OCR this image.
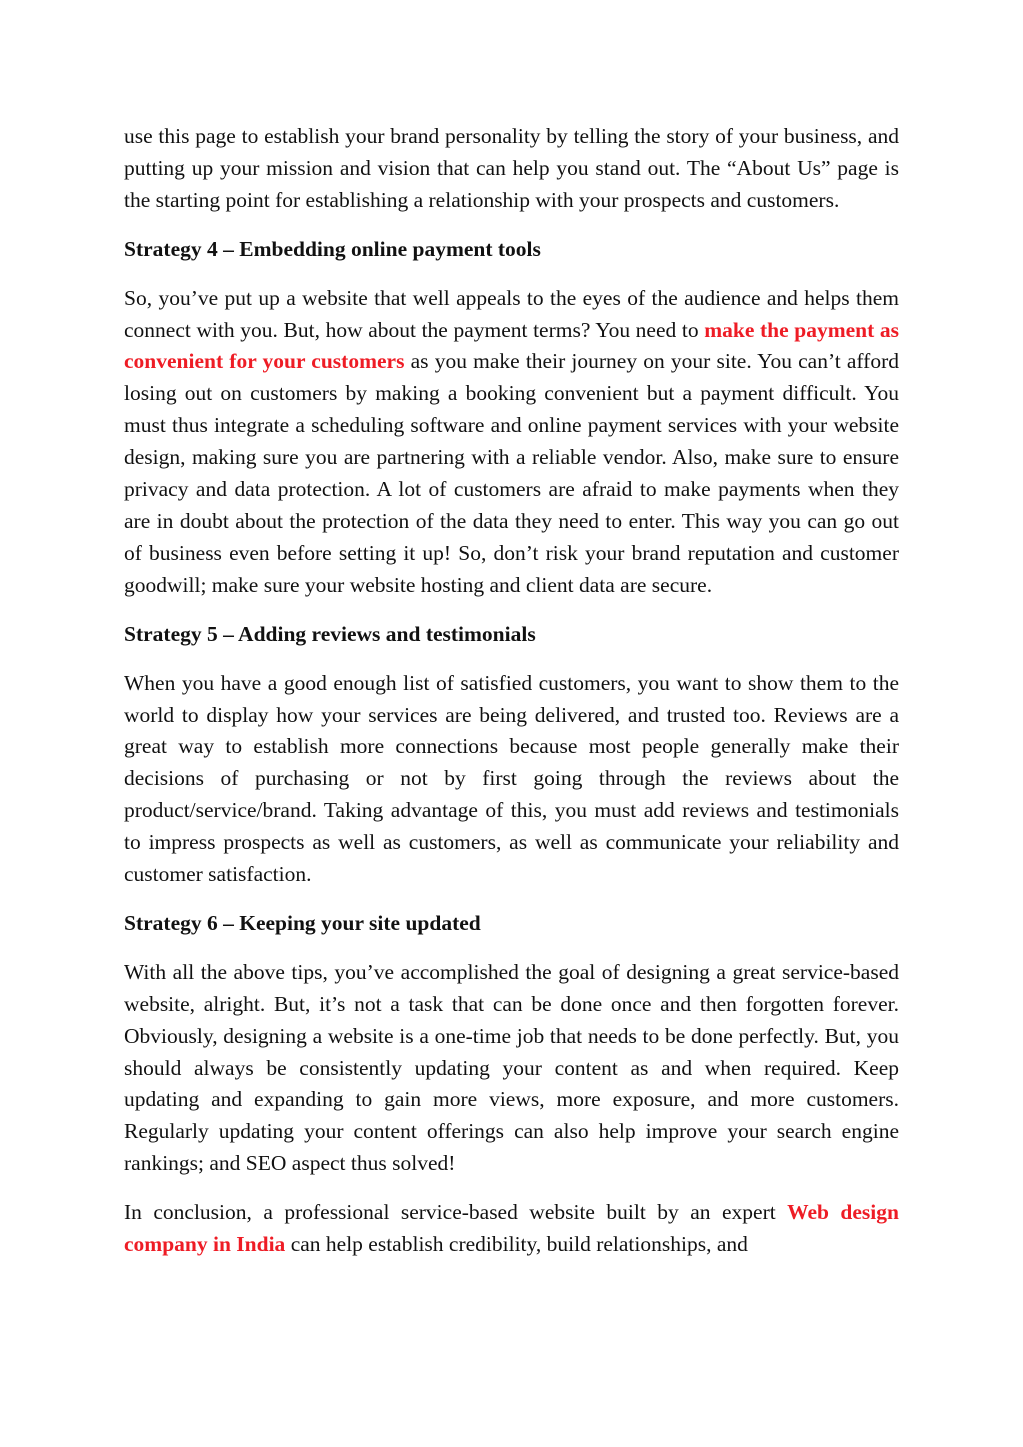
use this page to establish your brand personality by telling the story of your business, and putting up your mission and vision that can help you stand out. The “About Us” page is the starting point for establishing a relationship with your prospects and customers.

Strategy 4 – Embedding online payment tools

So, you’ve put up a website that well appeals to the eyes of the audience and helps them connect with you. But, how about the payment terms? You need to make the payment as convenient for your customers as you make their journey on your site. You can’t afford losing out on customers by making a booking convenient but a payment difficult. You must thus integrate a scheduling software and online payment services with your website design, making sure you are partnering with a reliable vendor. Also, make sure to ensure privacy and data protection. A lot of customers are afraid to make payments when they are in doubt about the protection of the data they need to enter. This way you can go out of business even before setting it up! So, don’t risk your brand reputation and customer goodwill; make sure your website hosting and client data are secure.

Strategy 5 – Adding reviews and testimonials

When you have a good enough list of satisfied customers, you want to show them to the world to display how your services are being delivered, and trusted too. Reviews are a great way to establish more connections because most people generally make their decisions of purchasing or not by first going through the reviews about the product/service/brand. Taking advantage of this, you must add reviews and testimonials to impress prospects as well as customers, as well as communicate your reliability and customer satisfaction.

Strategy 6 – Keeping your site updated

With all the above tips, you’ve accomplished the goal of designing a great service-based website, alright. But, it’s not a task that can be done once and then forgotten forever. Obviously, designing a website is a one-time job that needs to be done perfectly. But, you should always be consistently updating your content as and when required. Keep updating and expanding to gain more views, more exposure, and more customers. Regularly updating your content offerings can also help improve your search engine rankings; and SEO aspect thus solved!

In conclusion, a professional service-based website built by an expert Web design company in India can help establish credibility, build relationships, and
